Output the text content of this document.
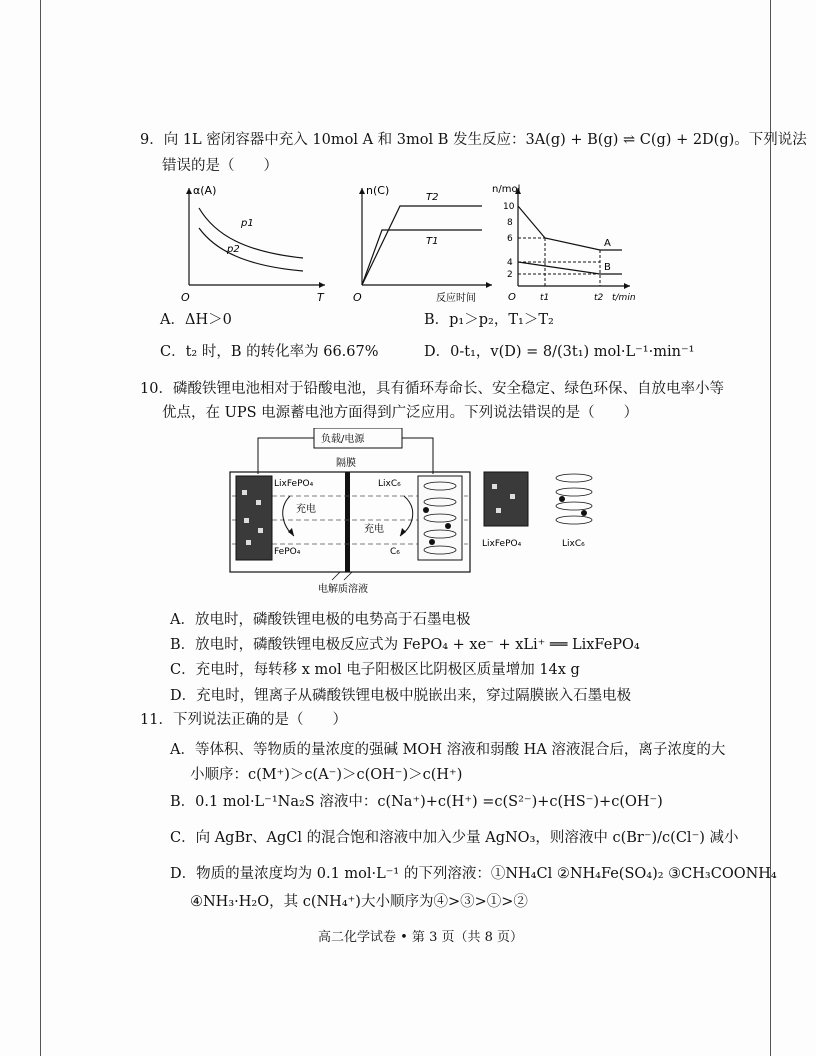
9．向 1L 密闭容器中充入 10mol A 和 3mol B 发生反应：3A(g) + B(g) ⇌ C(g) + 2D(g)。下列说法
错误的是（　　）
α(A)
O	T
p1
p2
n(C)
O	反应时间
T2
T1
n/mol
10
8
6
4
2
O	t1	t2 t/min
A
B
A．ΔH＞0	B．p₁＞p₂，T₁＞T₂
C．t₂ 时，B 的转化率为 66.67%	D．0-t₁，v(D) = 8/(3t₁) mol·L⁻¹·min⁻¹
10．磷酸铁锂电池相对于铅酸电池，具有循环寿命长、安全稳定、绿色环保、自放电率小等
优点，在 UPS 电源蓄电池方面得到广泛应用。下列说法错误的是（　　）
负载/电源
隔膜
LixFePO₄
FePO₄
LixC₆
C₆
充电
充电
电解质溶液
LixFePO₄	LixC₆
A．放电时，磷酸铁锂电极的电势高于石墨电极
B．放电时，磷酸铁锂电极反应式为 FePO₄ + xe⁻ + xLi⁺ ══ LixFePO₄
C．充电时，每转移 x mol 电子阳极区比阴极区质量增加 14x g
D．充电时，锂离子从磷酸铁锂电极中脱嵌出来，穿过隔膜嵌入石墨电极
11．下列说法正确的是（　　）
A．等体积、等物质的量浓度的强碱 MOH 溶液和弱酸 HA 溶液混合后，离子浓度的大
小顺序：c(M⁺)＞c(A⁻)＞c(OH⁻)＞c(H⁺)
B．0.1 mol·L⁻¹Na₂S 溶液中：c(Na⁺)+c(H⁺) =c(S²⁻)+c(HS⁻)+c(OH⁻)
C．向 AgBr、AgCl 的混合饱和溶液中加入少量 AgNO₃，则溶液中 c(Br⁻)/c(Cl⁻) 减小
D．物质的量浓度均为 0.1 mol·L⁻¹ 的下列溶液：①NH₄Cl ②NH₄Fe(SO₄)₂ ③CH₃COONH₄
④NH₃·H₂O，其 c(NH₄⁺)大小顺序为④>③>①>②
高二化学试卷 • 第 3 页（共 8 页）
